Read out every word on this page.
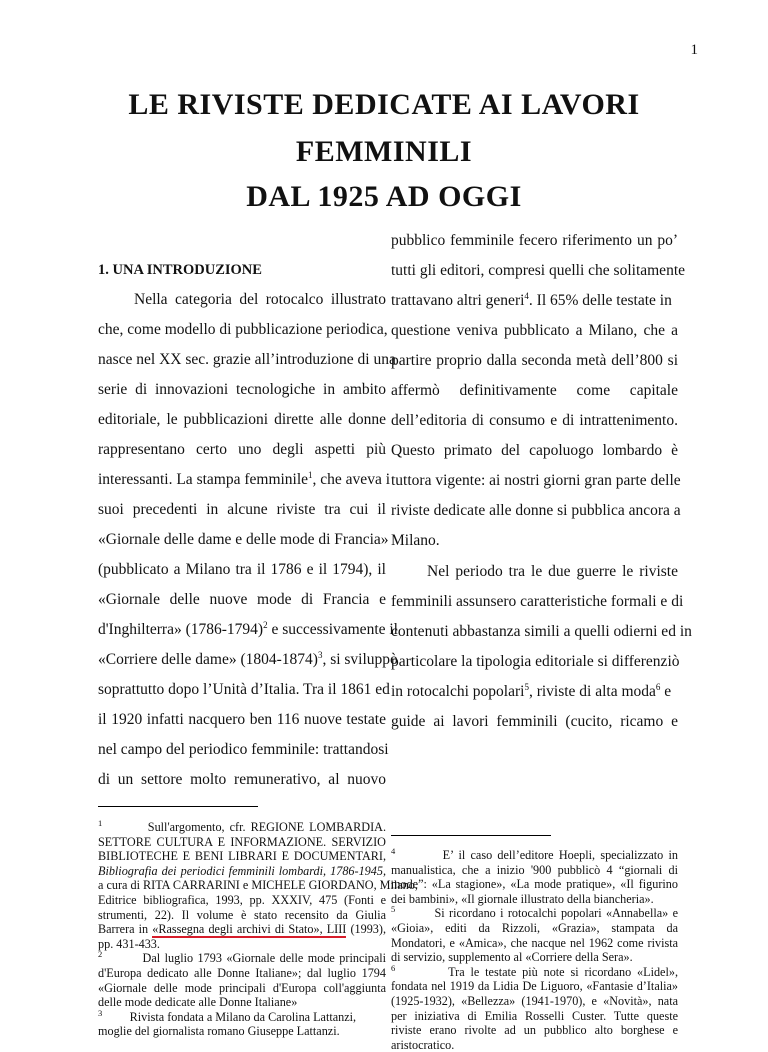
1
LE RIVISTE DEDICATE AI LAVORI
FEMMINILI
DAL 1925 AD OGGI
1. UNA INTRODUZIONE
Nella categoria del rotocalco illustrato
che, come modello di pubblicazione periodica,
nasce nel XX sec. grazie all’introduzione di una
serie di innovazioni tecnologiche in ambito
editoriale, le pubblicazioni dirette alle donne
rappresentano certo uno degli aspetti più
interessanti. La stampa femminile$^1$, che aveva i
suoi precedenti in alcune riviste tra cui il
«Giornale delle dame e delle mode di Francia»
(pubblicato a Milano tra il 1786 e il 1794), il
«Giornale delle nuove mode di Francia e
d'Inghilterra» (1786-1794)$^2$ e successivamente il
«Corriere delle dame» (1804-1874)$^3$, si sviluppò
soprattutto dopo l’Unità d’Italia. Tra il 1861 ed
il 1920 infatti nacquero ben 116 nuove testate
nel campo del periodico femminile: trattandosi
di un settore molto remunerativo, al nuovo
pubblico femminile fecero riferimento un po’
tutti gli editori, compresi quelli che solitamente
trattavano altri generi$^4$. Il 65% delle testate in
questione veniva pubblicato a Milano, che a
partire proprio dalla seconda metà dell’800 si
affermò definitivamente come capitale
dell’editoria di consumo e di intrattenimento.
Questo primato del capoluogo lombardo è
tuttora vigente: ai nostri giorni gran parte delle
riviste dedicate alle donne si pubblica ancora a
Milano.
Nel periodo tra le due guerre le riviste
femminili assunsero caratteristiche formali e di
contenuti abbastanza simili a quelli odierni ed in
particolare la tipologia editoriale si differenziò
in rotocalchi popolari$^5$, riviste di alta moda$^6$ e
guide ai lavori femminili (cucito, ricamo e
$^1$	Sull'argomento, cfr. REGIONE LOMBARDIA.
SETTORE CULTURA E INFORMAZIONE. SERVIZIO
BIBLIOTECHE E BENI LIBRARI E DOCUMENTARI,
Bibliografia dei periodici femminili lombardi, 1786-1945,
a cura di RITA CARRARINI e MICHELE GIORDANO, Milano,
Editrice bibliografica, 1993, pp. XXXIV, 475 (Fonti e
strumenti, 22). Il volume è stato recensito da Giulia
Barrera in «Rassegna degli archivi di Stato», LIII (1993),
pp. 431-433.
$^2$	Dal luglio 1793 «Giornale delle mode principali
d'Europa dedicato alle Donne Italiane»; dal luglio 1794
«Giornale delle mode principali d'Europa coll'aggiunta
delle mode dedicate alle Donne Italiane»
$^3$ Rivista fondata a Milano da Carolina Lattanzi,
moglie del giornalista romano Giuseppe Lattanzi.
$^4$	E’ il caso dell’editore Hoepli, specializzato in
manualistica, che a inizio '900 pubblicò 4 “giornali di
mode”: «La stagione», «La mode pratique», «Il figurino
dei bambini», «Il giornale illustrato della biancheria».
$^5$	Si ricordano i rotocalchi popolari «Annabella» e
«Gioia», editi da Rizzoli, «Grazia», stampata da
Mondatori, e «Amica», che nacque nel 1962 come rivista
di servizio, supplemento al «Corriere della Sera».
$^6$	Tra le testate più note si ricordano «Lidel»,
fondata nel 1919 da Lidia De Liguoro, «Fantasie d’Italia»
(1925-1932), «Bellezza» (1941-1970), e «Novità», nata
per iniziativa di Emilia Rosselli Custer. Tutte queste
riviste erano rivolte ad un pubblico alto borghese e
aristocratico.
